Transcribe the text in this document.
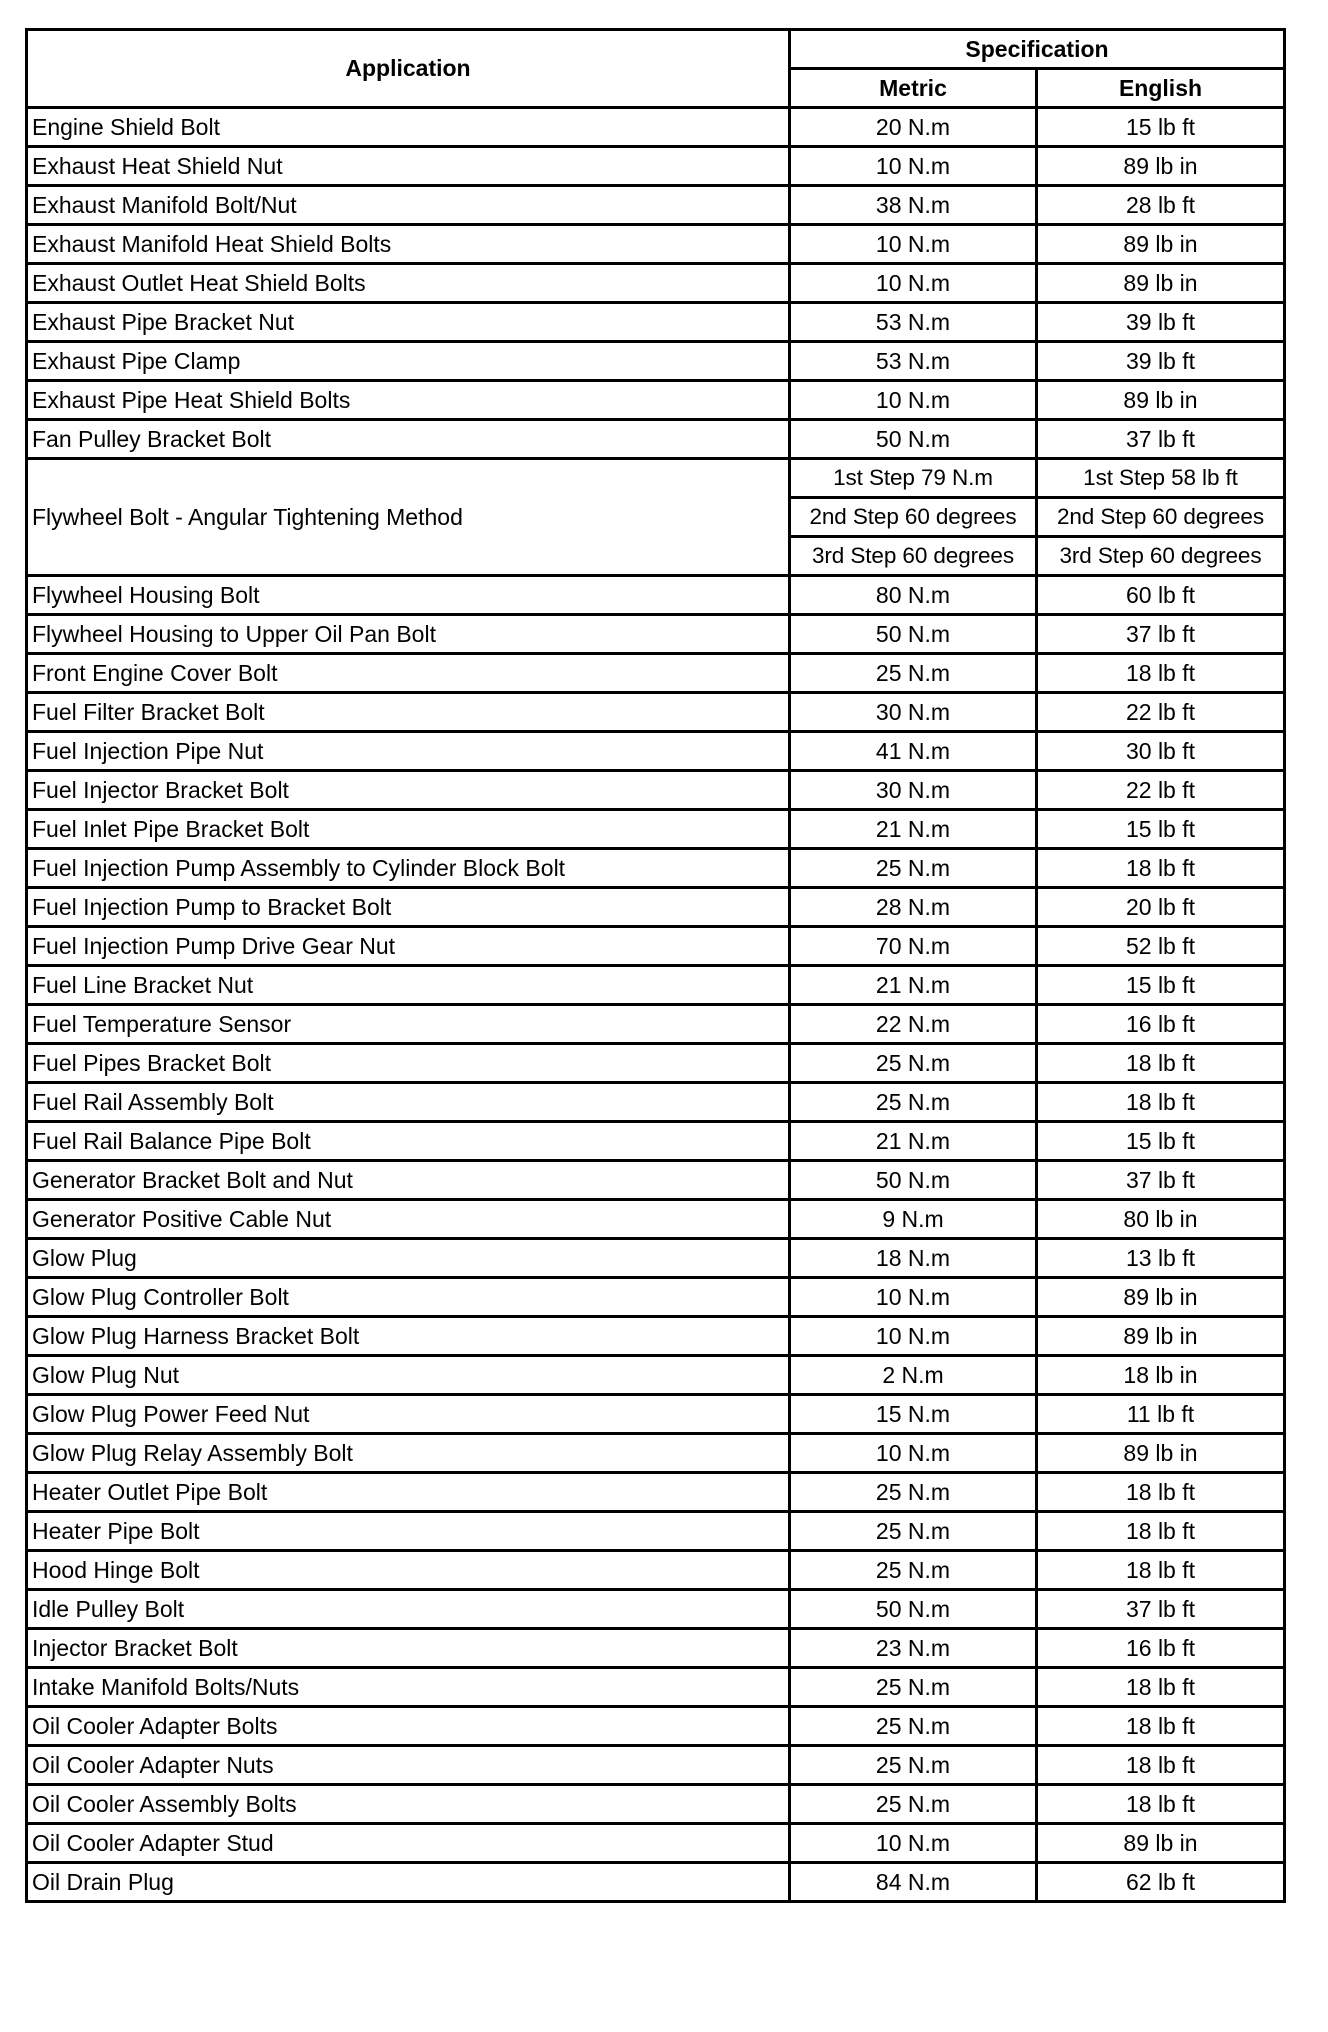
Application	Specification	
	Metric	English
Engine Shield Bolt	20 N.m	15 lb ft
Exhaust Heat Shield Nut	10 N.m	89 lb in
Exhaust Manifold Bolt/Nut	38 N.m	28 lb ft
Exhaust Manifold Heat Shield Bolts	10 N.m	89 lb in
Exhaust Outlet Heat Shield Bolts	10 N.m	89 lb in
Exhaust Pipe Bracket Nut	53 N.m	39 lb ft
Exhaust Pipe Clamp	53 N.m	39 lb ft
Exhaust Pipe Heat Shield Bolts	10 N.m	89 lb in
Fan Pulley Bracket Bolt	50 N.m	37 lb ft
Flywheel Bolt - Angular Tightening Method	1st Step 79 N.m	1st Step 58 lb ft
	2nd Step 60 degrees	2nd Step 60 degrees
	3rd Step 60 degrees	3rd Step 60 degrees
Flywheel Housing Bolt	80 N.m	60 lb ft
Flywheel Housing to Upper Oil Pan Bolt	50 N.m	37 lb ft
Front Engine Cover Bolt	25 N.m	18 lb ft
Fuel Filter Bracket Bolt	30 N.m	22 lb ft
Fuel Injection Pipe Nut	41 N.m	30 lb ft
Fuel Injector Bracket Bolt	30 N.m	22 lb ft
Fuel Inlet Pipe Bracket Bolt	21 N.m	15 lb ft
Fuel Injection Pump Assembly to Cylinder Block Bolt	25 N.m	18 lb ft
Fuel Injection Pump to Bracket Bolt	28 N.m	20 lb ft
Fuel Injection Pump Drive Gear Nut	70 N.m	52 lb ft
Fuel Line Bracket Nut	21 N.m	15 lb ft
Fuel Temperature Sensor	22 N.m	16 lb ft
Fuel Pipes Bracket Bolt	25 N.m	18 lb ft
Fuel Rail Assembly Bolt	25 N.m	18 lb ft
Fuel Rail Balance Pipe Bolt	21 N.m	15 lb ft
Generator Bracket Bolt and Nut	50 N.m	37 lb ft
Generator Positive Cable Nut	9 N.m	80 lb in
Glow Plug	18 N.m	13 lb ft
Glow Plug Controller Bolt	10 N.m	89 lb in
Glow Plug Harness Bracket Bolt	10 N.m	89 lb in
Glow Plug Nut	2 N.m	18 lb in
Glow Plug Power Feed Nut	15 N.m	11 lb ft
Glow Plug Relay Assembly Bolt	10 N.m	89 lb in
Heater Outlet Pipe Bolt	25 N.m	18 lb ft
Heater Pipe Bolt	25 N.m	18 lb ft
Hood Hinge Bolt	25 N.m	18 lb ft
Idle Pulley Bolt	50 N.m	37 lb ft
Injector Bracket Bolt	23 N.m	16 lb ft
Intake Manifold Bolts/Nuts	25 N.m	18 lb ft
Oil Cooler Adapter Bolts	25 N.m	18 lb ft
Oil Cooler Adapter Nuts	25 N.m	18 lb ft
Oil Cooler Assembly Bolts	25 N.m	18 lb ft
Oil Cooler Adapter Stud	10 N.m	89 lb in
Oil Drain Plug	84 N.m	62 lb ft
